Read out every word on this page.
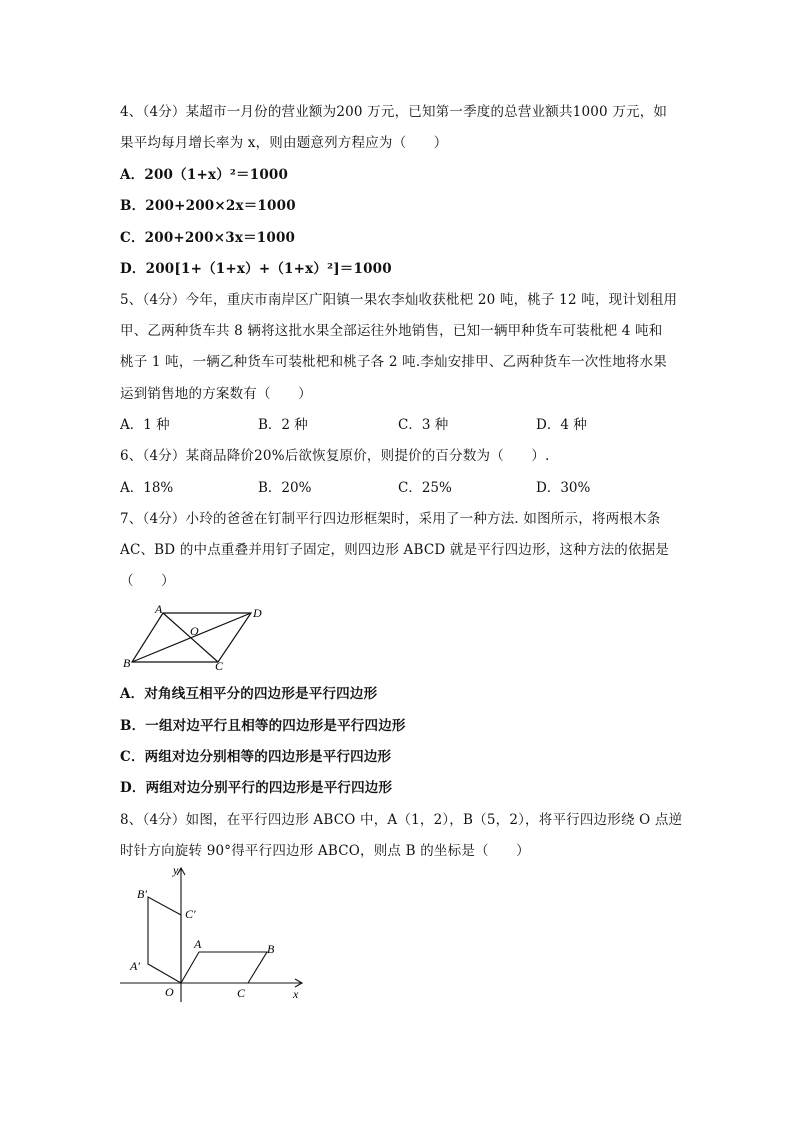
4、（4分）某超市一月份的营业额为200 万元，已知第一季度的总营业额共1000 万元，如
果平均每月增长率为 x，则由题意列方程应为（　　）
A．200（1+x）²＝1000
B．200+200×2x＝1000
C．200+200×3x＝1000
D．200[1+（1+x）+（1+x）²]＝1000
5、（4分）今年，重庆市南岸区广阳镇一果农李灿收获枇杷 20 吨，桃子 12 吨，现计划租用
甲、乙两种货车共 8 辆将这批水果全部运往外地销售，已知一辆甲种货车可装枇杷 4 吨和
桃子 1 吨，一辆乙种货车可装枇杷和桃子各 2 吨.李灿安排甲、乙两种货车一次性地将水果
运到销售地的方案数有（　　）
A．1 种	B．2 种	C．3 种	D．4 种
6、（4分）某商品降价20%后欲恢复原价，则提价的百分数为（　　）.
A．18%	B．20%	C．25%	D．30%
7、（4分）小玲的爸爸在钉制平行四边形框架时，采用了一种方法. 如图所示，将两根木条
AC、BD 的中点重叠并用钉子固定，则四边形 ABCD 就是平行四边形，这种方法的依据是
（　　）
A	D
O
B	C
A．对角线互相平分的四边形是平行四边形
B．一组对边平行且相等的四边形是平行四边形
C．两组对边分别相等的四边形是平行四边形
D．两组对边分别平行的四边形是平行四边形
8、（4分）如图，在平行四边形 ABCO 中，A（1，2），B（5，2），将平行四边形绕 O 点逆
时针方向旋转 90°得平行四边形 ABCO，则点 B 的坐标是（　　）
y
x
O
A	B
C
A′
B′
C′
